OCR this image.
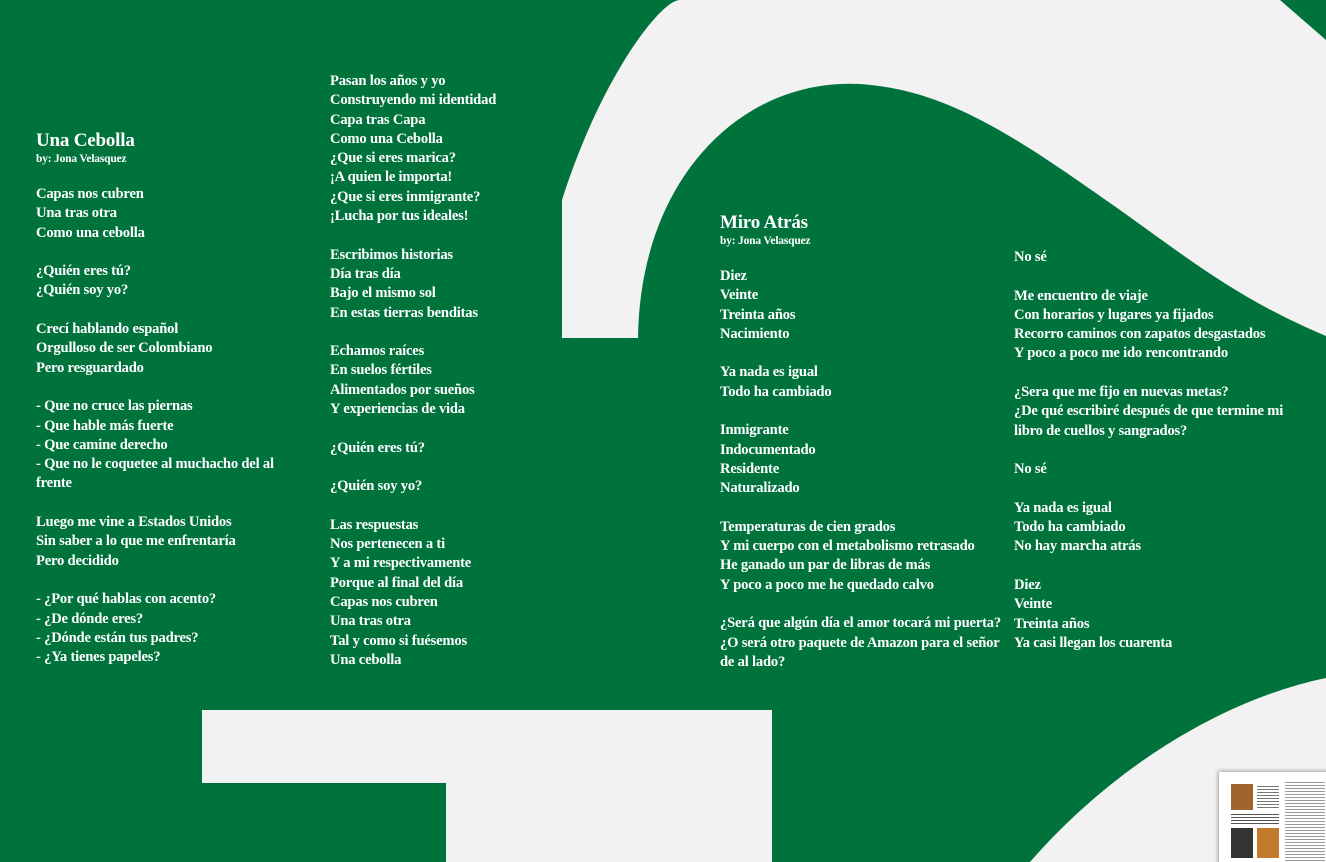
Una Cebolla
by: Jona Velasquez
Capas nos cubren
Una tras otra
Como una cebolla
¿Quién eres tú?
¿Quién soy yo?
Crecí hablando español
Orgulloso de ser Colombiano
Pero resguardado
- Que no cruce las piernas
- Que hable más fuerte
- Que camine derecho
- Que no le coquetee al muchacho del al frente
Luego me vine a Estados Unidos
Sin saber a lo que me enfrentaría
Pero decidido
- ¿Por qué hablas con acento?
- ¿De dónde eres?
- ¿Dónde están tus padres?
- ¿Ya tienes papeles?
Pasan los años y yo
Construyendo mi identidad
Capa tras Capa
Como una Cebolla
¿Que si eres marica?
¡A quien le importa!
¿Que si eres inmigrante?
¡Lucha por tus ideales!
Escribimos historias
Día tras día
Bajo el mismo sol
En estas tierras benditas
Echamos raíces
En suelos fértiles
Alimentados por sueños
Y experiencias de vida
¿Quién eres tú?
¿Quién soy yo?
Las respuestas
Nos pertenecen a ti
Y a mi respectivamente
Porque al final del día
Capas nos cubren
Una tras otra
Tal y como si fuésemos
Una cebolla
Miro Atrás
by: Jona Velasquez
Diez
Veinte
Treinta años
Nacimiento
Ya nada es igual
Todo ha cambiado
Inmigrante
Indocumentado
Residente
Naturalizado
Temperaturas de cien grados
Y mi cuerpo con el metabolismo retrasado
He ganado un par de libras de más
Y poco a poco me he quedado calvo
¿Será que algún día el amor tocará mi puerta?
¿O será otro paquete de Amazon para el señor de al lado?
No sé
Me encuentro de viaje
Con horarios y lugares ya fijados
Recorro caminos con zapatos desgastados
Y poco a poco me ido rencontrando
¿Sera que me fijo en nuevas metas?
¿De qué escribiré después de que termine mi libro de cuellos y sangrados?
No sé
Ya nada es igual
Todo ha cambiado
No hay marcha atrás
Diez
Veinte
Treinta años
Ya casi llegan los cuarenta
